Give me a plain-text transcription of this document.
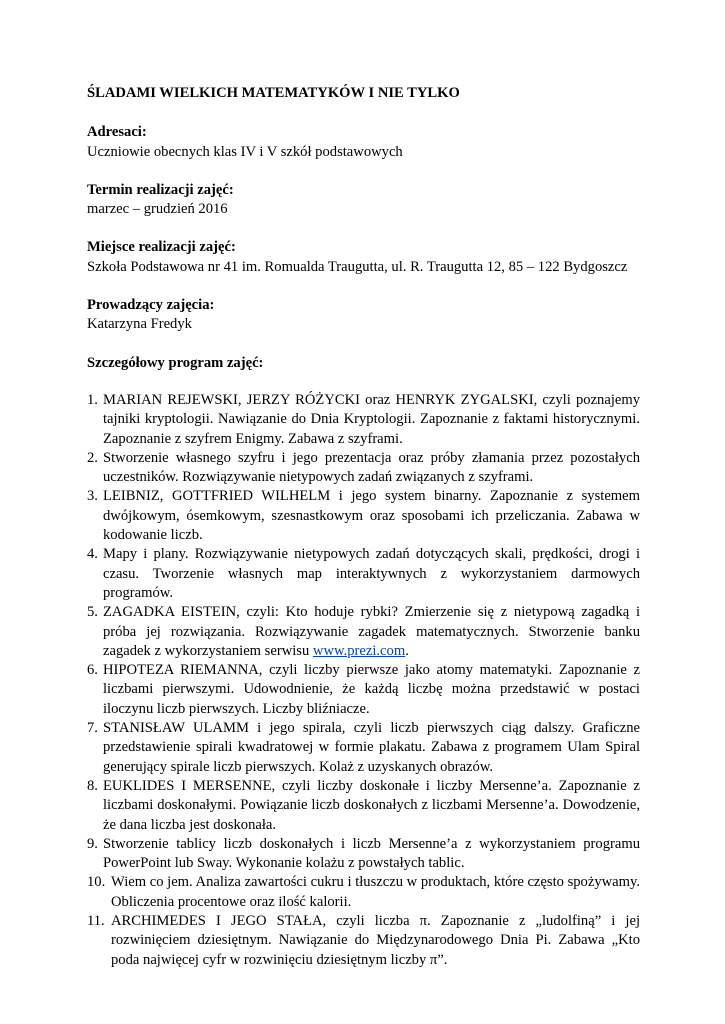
ŚLADAMI WIELKICH MATEMATYKÓW I NIE TYLKO
Adresaci:
Uczniowie obecnych klas IV i V szkół podstawowych
Termin realizacji zajęć:
marzec – grudzień 2016
Miejsce realizacji zajęć:
Szkoła Podstawowa nr 41 im. Romualda Traugutta, ul. R. Traugutta 12, 85 – 122 Bydgoszcz
Prowadzący zajęcia:
Katarzyna Fredyk
Szczegółowy program zajęć:
1. MARIAN REJEWSKI, JERZY RÓŻYCKI oraz HENRYK ZYGALSKI, czyli poznajemy tajniki kryptologii. Nawiązanie do Dnia Kryptologii. Zapoznanie z faktami historycznymi. Zapoznanie z szyfrem Enigmy. Zabawa z szyframi.
2. Stworzenie własnego szyfru i jego prezentacja oraz próby złamania przez pozostałych uczestników. Rozwiązywanie nietypowych zadań związanych z szyframi.
3. LEIBNIZ, GOTTFRIED WILHELM i jego system binarny. Zapoznanie z systemem dwójkowym, ósemkowym, szesnastkowym oraz sposobami ich przeliczania. Zabawa w kodowanie liczb.
4. Mapy i plany. Rozwiązywanie nietypowych zadań dotyczących skali, prędkości, drogi i czasu. Tworzenie własnych map interaktywnych z wykorzystaniem darmowych programów.
5. ZAGADKA EISTEIN, czyli: Kto hoduje rybki? Zmierzenie się z nietypową zagadką i próba jej rozwiązania. Rozwiązywanie zagadek matematycznych. Stworzenie banku zagadek z wykorzystaniem serwisu www.prezi.com.
6. HIPOTEZA RIEMANNA, czyli liczby pierwsze jako atomy matematyki. Zapoznanie z liczbami pierwszymi. Udowodnienie, że każdą liczbę można przedstawić w postaci iloczynu liczb pierwszych. Liczby bliźniacze.
7. STANISŁAW ULAMM i jego spirala, czyli liczb pierwszych ciąg dalszy. Graficzne przedstawienie spirali kwadratowej w formie plakatu. Zabawa z programem Ulam Spiral generujący spirale liczb pierwszych. Kolaż z uzyskanych obrazów.
8. EUKLIDES I MERSENNE, czyli liczby doskonałe i liczby Mersenne’a. Zapoznanie z liczbami doskonałymi. Powiązanie liczb doskonałych z liczbami Mersenne’a. Dowodzenie, że dana liczba jest doskonała.
9. Stworzenie tablicy liczb doskonałych i liczb Mersenne’a z wykorzystaniem programu PowerPoint lub Sway. Wykonanie kolażu z powstałych tablic.
10. Wiem co jem. Analiza zawartości cukru i tłuszczu w produktach, które często spożywamy. Obliczenia procentowe oraz ilość kalorii.
11. ARCHIMEDES I JEGO STAŁA, czyli liczba π. Zapoznanie z „ludolfiną” i jej rozwinięciem dziesiętnym. Nawiązanie do Międzynarodowego Dnia Pi. Zabawa „Kto poda najwięcej cyfr w rozwinięciu dziesiętnym liczby π”.
